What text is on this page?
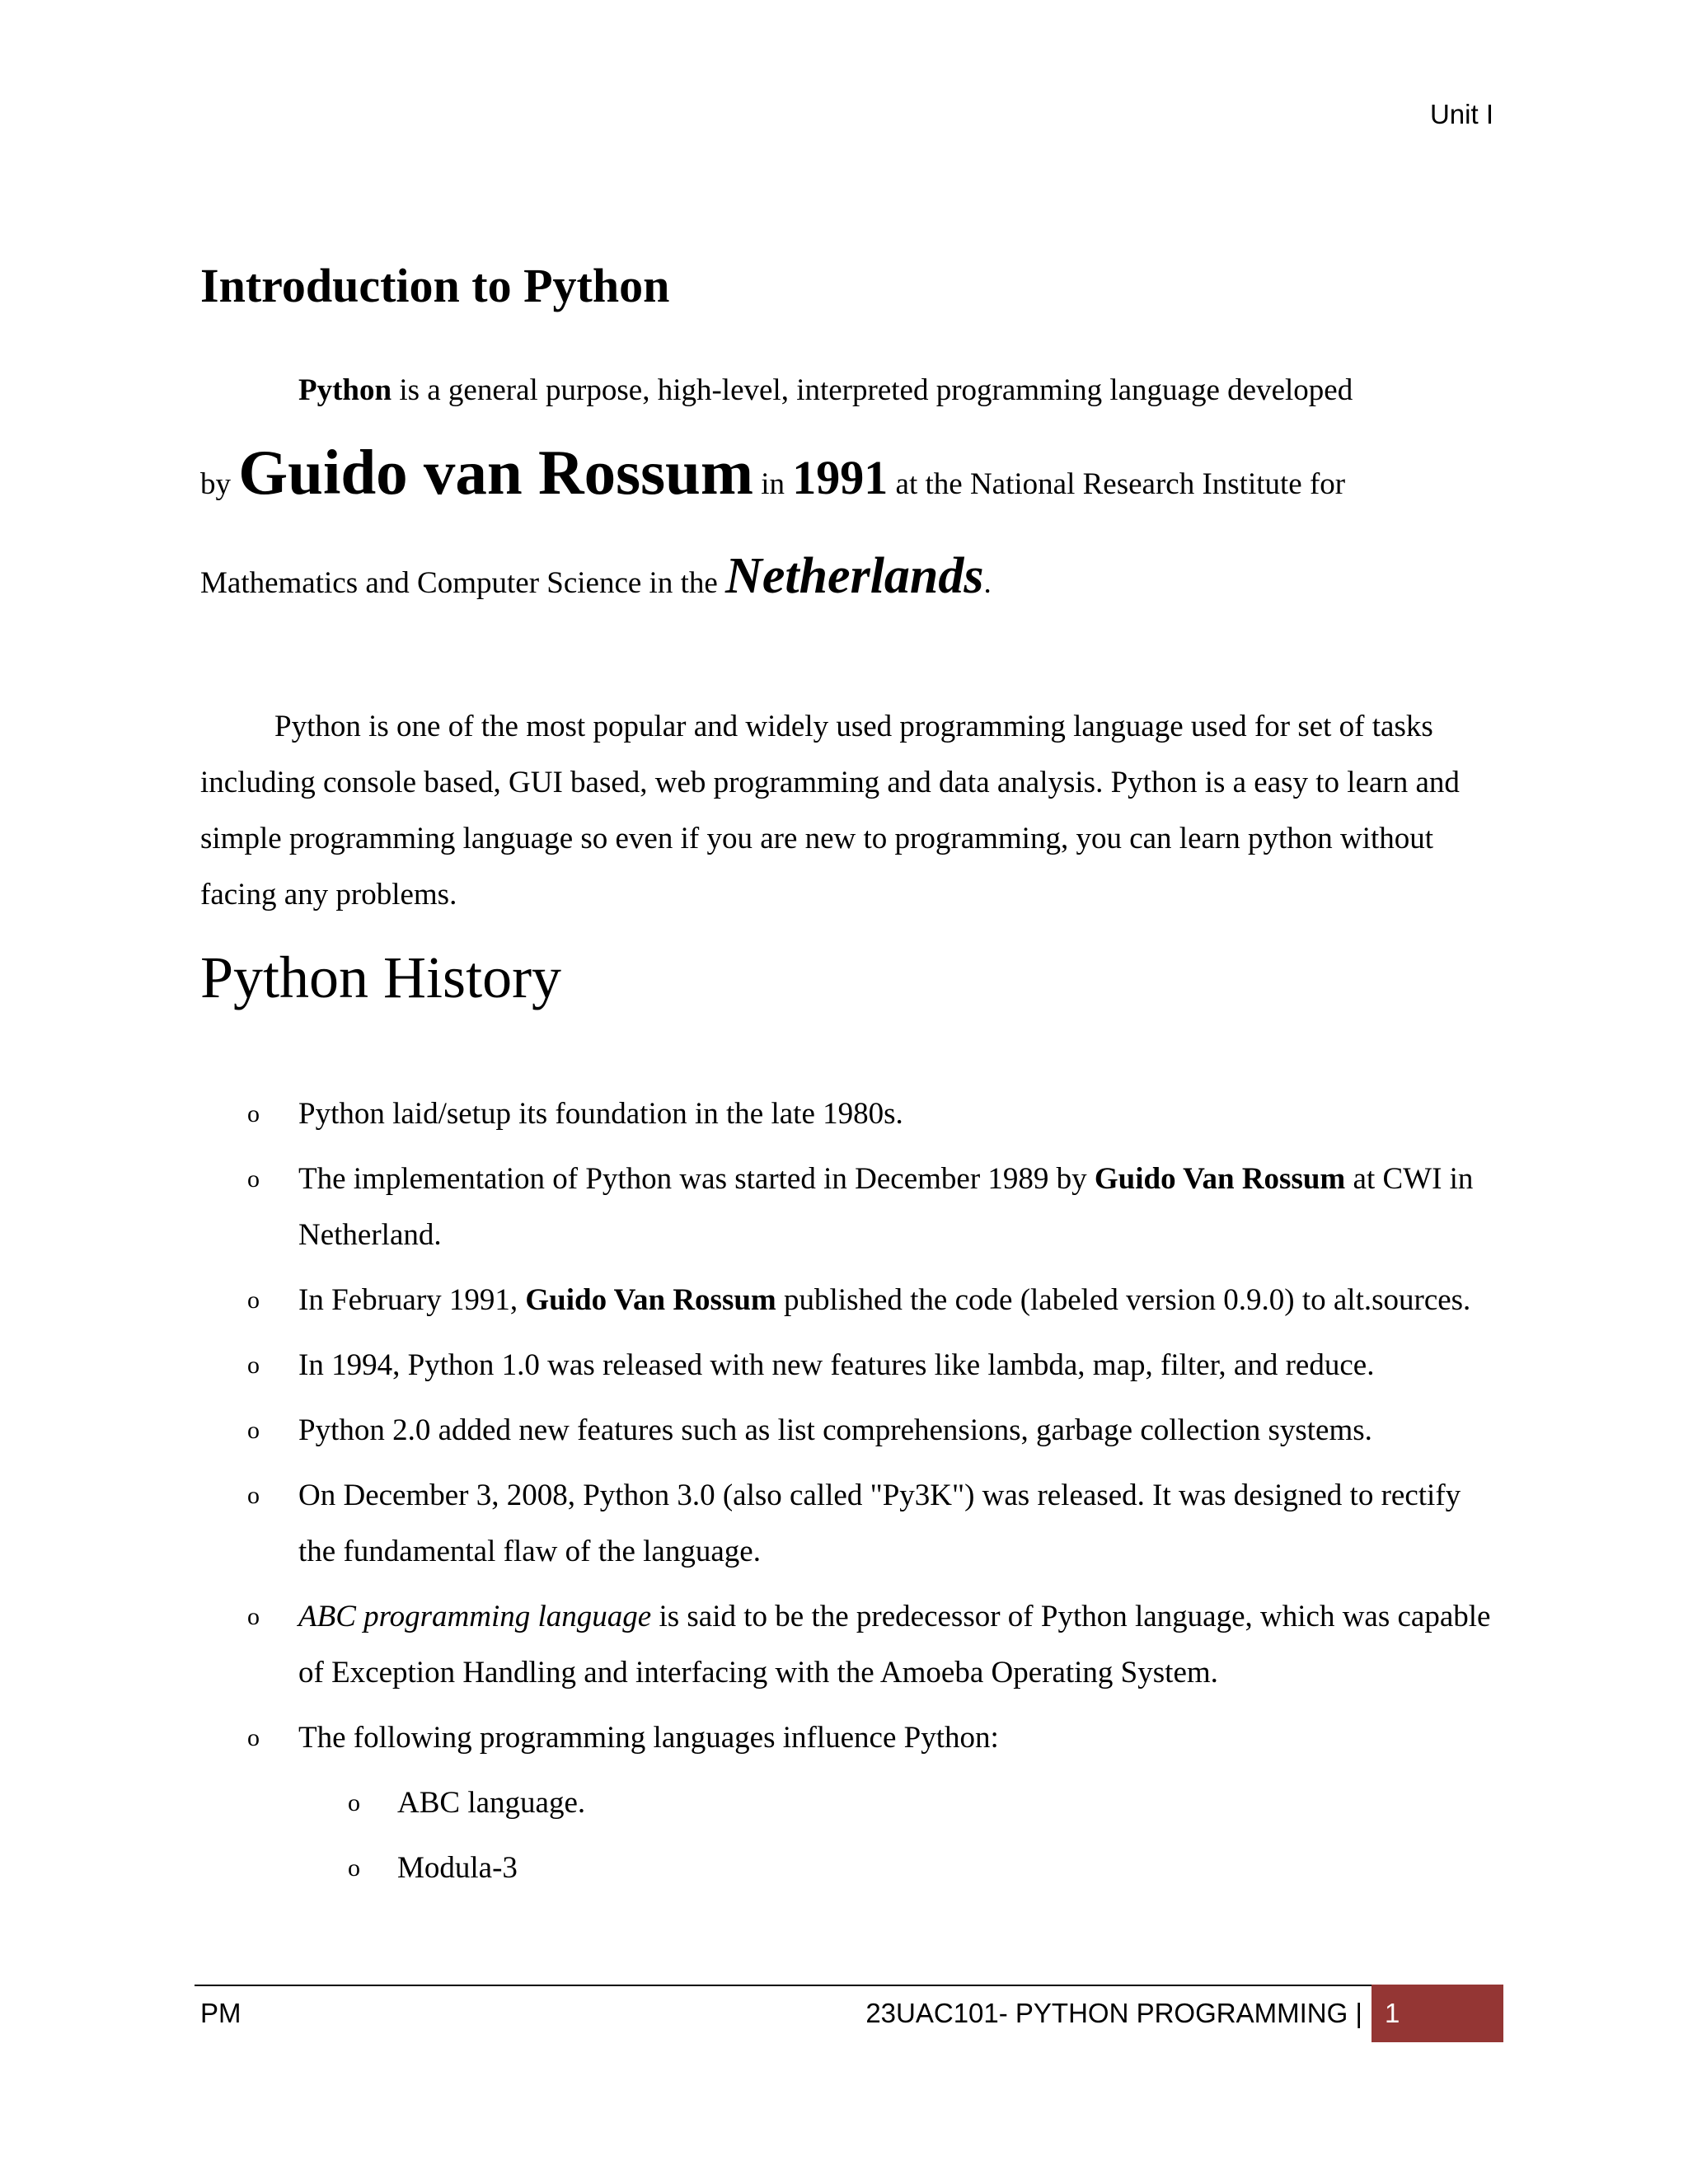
Unit I
Introduction to Python
Python is a general purpose, high-level, interpreted programming language developed
by Guido van Rossum in 1991 at the National Research Institute for
Mathematics and Computer Science in the Netherlands.

Python is one of the most popular and widely used programming language used for set of tasks including console based, GUI based, web programming and data analysis. Python is a easy to learn and simple programming language so even if you are new to programming, you can learn python without facing any problems.

Python History
o Python laid/setup its foundation in the late 1980s.
o The implementation of Python was started in December 1989 by Guido Van Rossum at CWI in Netherland.
o In February 1991, Guido Van Rossum published the code (labeled version 0.9.0) to alt.sources.
o In 1994, Python 1.0 was released with new features like lambda, map, filter, and reduce.
o Python 2.0 added new features such as list comprehensions, garbage collection systems.
o On December 3, 2008, Python 3.0 (also called "Py3K") was released. It was designed to rectify the fundamental flaw of the language.
o ABC programming language is said to be the predecessor of Python language, which was capable of Exception Handling and interfacing with the Amoeba Operating System.
o The following programming languages influence Python:
o ABC language.
o Modula-3
PM	23UAC101- PYTHON PROGRAMMING | 1
